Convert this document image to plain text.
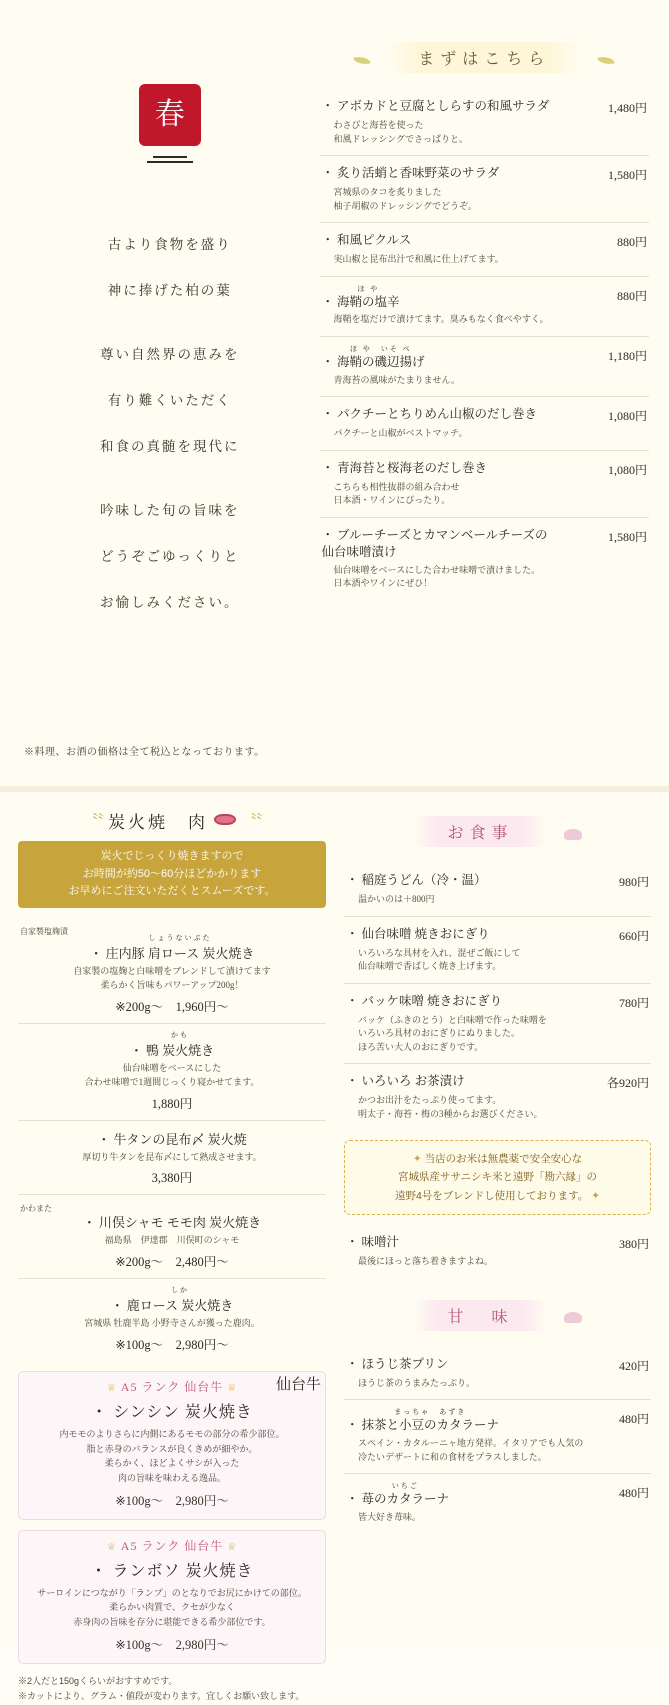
春

古より食物を盛り

神に捧げた柏の葉

尊い自然界の恵みを

有り難くいただく

和食の真髄を現代に

吟味した旬の旨味を

どうぞごゆっくりと

お愉しみください。

※料理、お酒の価格は全て税込となっております。
まずはこちら
・ アボカドと豆腐としらすの和風サラダ	1,480円
わさびと海苔を使った
和風ドレッシングでさっぱりと。
・ 炙り活蛸と香味野菜のサラダ	1,580円
宮城県のタコを炙りました
柚子胡椒のドレッシングでどうぞ。
・ 和風ピクルス	880円
実山椒と昆布出汁で和風に仕上げてます。
・
ほ や
海鞘の塩辛	880円
海鞘を塩だけで漬けてます。臭みもなく食べやすく。
・
ほ や　いそ べ
海鞘の磯辺揚げ	1,180円
青海苔の風味がたまりません。
・ パクチーとちりめん山椒のだし巻き	1,080円
パクチーと山椒がベストマッチ。
・ 青海苔と桜海老のだし巻き	1,080円
こちらも相性抜群の組み合わせ
日本酒・ワインにぴったり。
・ ブルーチーズとカマンベールチーズの
仙台味噌漬け
1,580円
仙台味噌をベースにした合わせ味噌で漬けました。
日本酒やワインにぜひ！
〝〝 炭火焼　肉 〝〝
炭火でじっくり焼きますので
お時間が約50〜60分ほどかかります
お早めにご注文いただくとスムーズです。
自家製塩麹漬
・
しょうないぶた
庄内豚 肩ロース 炭火焼き
自家製の塩麹と白味噌をブレンドして漬けてます
柔らかく旨味もパワーアップ200g！
※200g〜　1,960円〜
・
かも
鴨 炭火焼き
仙台味噌をベースにした
合わせ味噌で1週間じっくり寝かせてます。
1,880円
・ 牛タンの昆布〆 炭火焼
厚切り牛タンを昆布〆にして熟成させます。
3,380円
かわまた
・ 川俣シャモ モモ肉 炭火焼き
福島県　伊達郡　川俣町のシャモ
※200g〜　2,480円〜
・
しか
鹿ロース 炭火焼き
宮城県 牡鹿半島 小野寺さんが獲った鹿肉。
※100g〜　2,980円〜
仙台牛
♕ A5 ランク 仙台牛 ♕
・ シンシン 炭火焼き
内モモのよりさらに内側にあるモモの部分の希少部位。
脂と赤身のバランスが良くきめが細やか。
柔らかく、ほどよくサシが入った
肉の旨味を味わえる逸品。
※100g〜　2,980円〜
♕ A5 ランク 仙台牛 ♕
・ ランボソ 炭火焼き
サーロインにつながり「ランプ」のとなりでお尻にかけての部位。
柔らかい肉質で、クセが少なく
赤身肉の旨味を存分に堪能できる希少部位です。
※100g〜　2,980円〜
※2人だと150gくらいがおすすめです。
※カットにより、グラム・値段が変わります。宜しくお願い致します。
お食事
・ 稲庭うどん（冷・温）	980円
温かいのは＋800円
・ 仙台味噌 焼きおにぎり	660円
いろいろな具材を入れ、混ぜご飯にして
仙台味噌で香ばしく焼き上げます。
・ バッケ味噌 焼きおにぎり	780円
バッケ（ふきのとう）と白味噌で作った味噌を
いろいろ具材のおにぎりにぬりました。
ほろ苦い大人のおにぎりです。
・ いろいろ お茶漬け	各920円
かつお出汁をたっぷり使ってます。
明太子・海苔・梅の3種からお選びください。
✦ 当店のお米は無農薬で安全安心な
宮城県産ササニシキ米と遠野「勘六縁」の
遠野4号をブレンドし使用しております。 ✦
・ 味噌汁	380円
最後にほっと落ち着きますよね。
甘　味
・ ほうじ茶プリン	420円
ほうじ茶のうまみたっぷり。
・
まっちゃ　あずき
抹茶と小豆のカタラーナ	480円
スペイン・カタルーニャ地方発祥。イタリアでも人気の
冷たいデザートに和の食材をプラスしました。
・
いちご
苺のカタラーナ	480円
皆大好き苺味。
